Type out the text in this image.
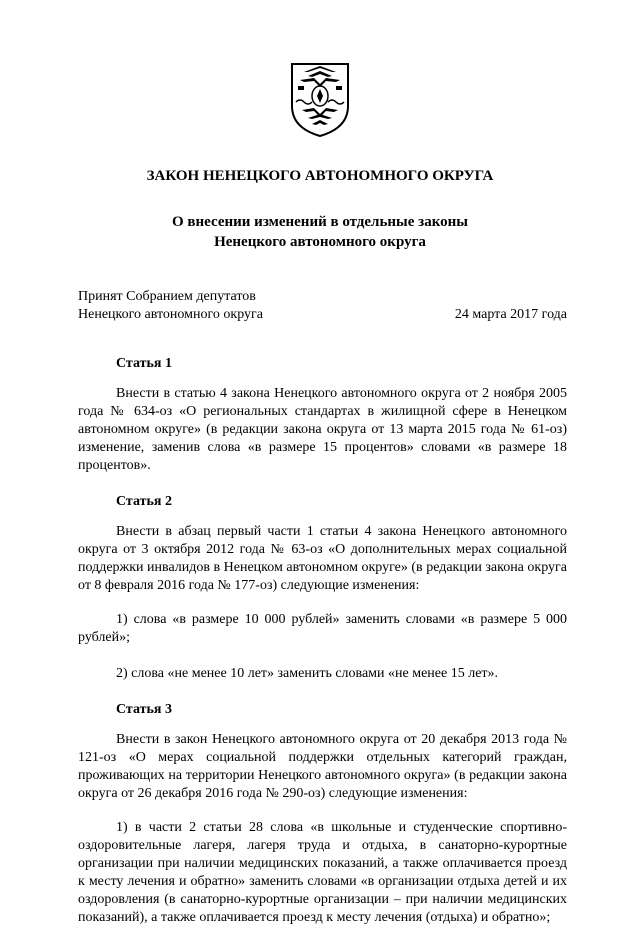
ЗАКОН НЕНЕЦКОГО АВТОНОМНОГО ОКРУГА
О внесении изменений в отдельные законы
Ненецкого автономного округа
Принят Собранием депутатов
Ненецкого автономного округа	24 марта 2017 года

Статья 1

Внести в статью 4 закона Ненецкого автономного округа от 2 ноября 2005 года № 634-оз «О региональных стандартах в жилищной сфере в Ненецком автономном округе» (в редакции закона округа от 13 марта 2015 года № 61-оз) изменение, заменив слова «в размере 15 процентов» словами «в размере 18 процентов».

Статья 2

Внести в абзац первый части 1 статьи 4 закона Ненецкого автономного округа от 3 октября 2012 года № 63-оз «О дополнительных мерах социальной поддержки инвалидов в Ненецком автономном округе» (в редакции закона округа от 8 февраля 2016 года № 177-оз) следующие изменения:

1) слова «в размере 10 000 рублей» заменить словами «в размере 5 000 рублей»;

2) слова «не менее 10 лет» заменить словами «не менее 15 лет».

Статья 3

Внести в закон Ненецкого автономного округа от 20 декабря 2013 года № 121-оз «О мерах социальной поддержки отдельных категорий граждан, проживающих на территории Ненецкого автономного округа» (в редакции закона округа от 26 декабря 2016 года № 290-оз) следующие изменения:

1) в части 2 статьи 28 слова «в школьные и студенческие спортивно-оздоровительные лагеря, лагеря труда и отдыха, в санаторно-курортные организации при наличии медицинских показаний, а также оплачивается проезд к месту лечения и обратно» заменить словами «в организации отдыха детей и их оздоровления (в санаторно-курортные организации – при наличии медицинских показаний), а также оплачивается проезд к месту лечения (отдыха) и обратно»;
